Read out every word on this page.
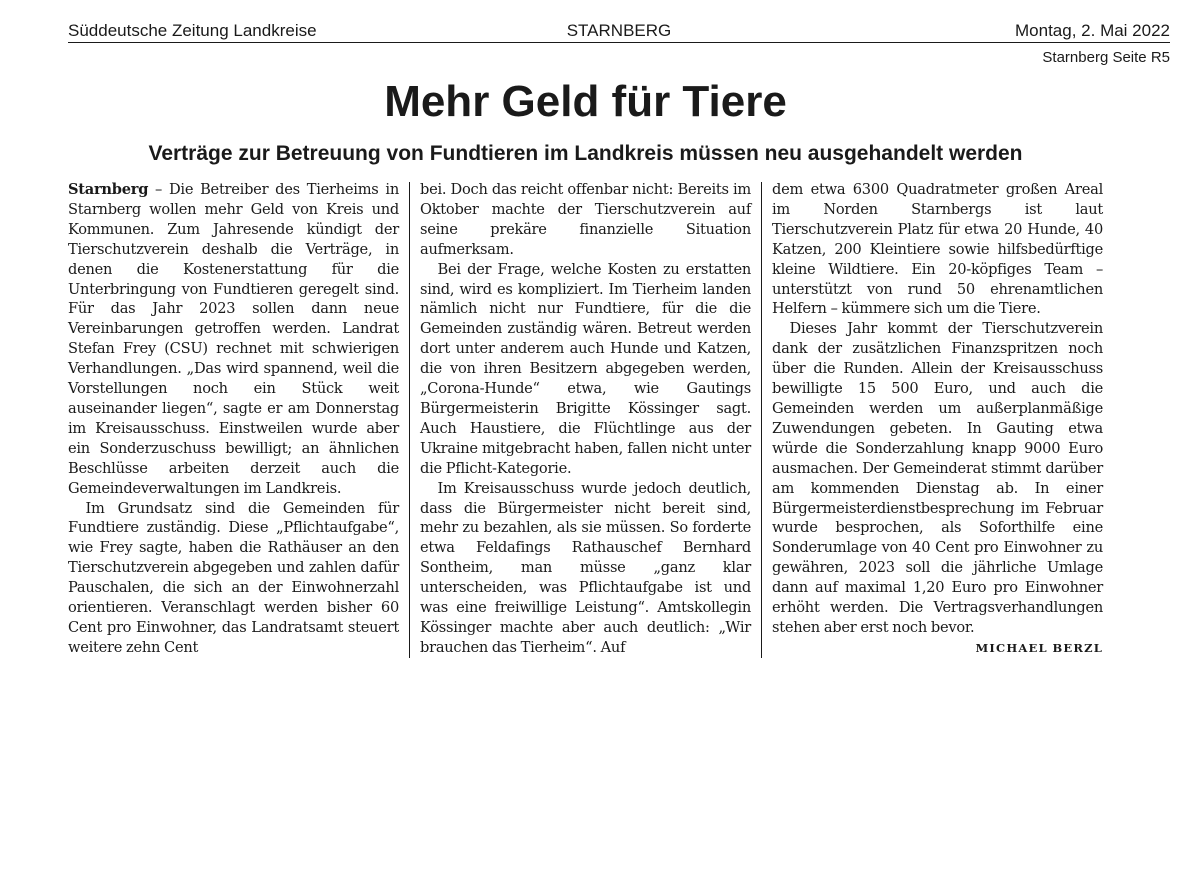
Süddeutsche Zeitung Landkreise	STARNBERG	Montag, 2. Mai 2022
Starnberg Seite R5
Mehr Geld für Tiere
Verträge zur Betreuung von Fundtieren im Landkreis müssen neu ausgehandelt werden

Starnberg – Die Betreiber des Tierheims in Starnberg wollen mehr Geld von Kreis und Kommunen. Zum Jahresende kündigt der Tierschutzverein deshalb die Verträge, in denen die Kostenerstattung für die Unterbringung von Fundtieren geregelt sind. Für das Jahr 2023 sollen dann neue Vereinbarungen getroffen werden. Landrat Stefan Frey (CSU) rechnet mit schwierigen Verhandlungen. „Das wird spannend, weil die Vorstellungen noch ein Stück weit auseinander liegen“, sagte er am Donnerstag im Kreisausschuss. Einstweilen wurde aber ein Sonderzuschuss bewilligt; an ähnlichen Beschlüsse arbeiten derzeit auch die Gemeindeverwaltungen im Landkreis.

Im Grundsatz sind die Gemeinden für Fundtiere zuständig. Diese „Pflichtaufgabe“, wie Frey sagte, haben die Rathäuser an den Tierschutzverein abgegeben und zahlen dafür Pauschalen, die sich an der Einwohnerzahl orientieren. Veranschlagt werden bisher 60 Cent pro Einwohner, das Landratsamt steuert weitere zehn Cent

bei. Doch das reicht offenbar nicht: Bereits im Oktober machte der Tierschutzverein auf seine prekäre finanzielle Situation aufmerksam.

Bei der Frage, welche Kosten zu erstatten sind, wird es kompliziert. Im Tierheim landen nämlich nicht nur Fundtiere, für die die Gemeinden zuständig wären. Betreut werden dort unter anderem auch Hunde und Katzen, die von ihren Besitzern abgegeben werden, „Corona-Hunde“ etwa, wie Gautings Bürgermeisterin Brigitte Kössinger sagt. Auch Haustiere, die Flüchtlinge aus der Ukraine mitgebracht haben, fallen nicht unter die Pflicht-Kategorie.

Im Kreisausschuss wurde jedoch deutlich, dass die Bürgermeister nicht bereit sind, mehr zu bezahlen, als sie müssen. So forderte etwa Feldafings Rathauschef Bernhard Sontheim, man müsse „ganz klar unterscheiden, was Pflichtaufgabe ist und was eine freiwillige Leistung“. Amtskollegin Kössinger machte aber auch deutlich: „Wir brauchen das Tierheim“. Auf

dem etwa 6300 Quadratmeter großen Areal im Norden Starnbergs ist laut Tierschutzverein Platz für etwa 20 Hunde, 40 Katzen, 200 Kleintiere sowie hilfsbedürftige kleine Wildtiere. Ein 20-köpfiges Team – unterstützt von rund 50 ehrenamtlichen Helfern – kümmere sich um die Tiere.

Dieses Jahr kommt der Tierschutzverein dank der zusätzlichen Finanzspritzen noch über die Runden. Allein der Kreisausschuss bewilligte 15 500 Euro, und auch die Gemeinden werden um außerplanmäßige Zuwendungen gebeten. In Gauting etwa würde die Sonderzahlung knapp 9000 Euro ausmachen. Der Gemeinderat stimmt darüber am kommenden Dienstag ab. In einer Bürgermeisterdienstbesprechung im Februar wurde besprochen, als Soforthilfe eine Sonderumlage von 40 Cent pro Einwohner zu gewähren, 2023 soll die jährliche Umlage dann auf maximal 1,20 Euro pro Einwohner erhöht werden. Die Vertragsverhandlungen stehen aber erst noch bevor.
MICHAEL BERZL
